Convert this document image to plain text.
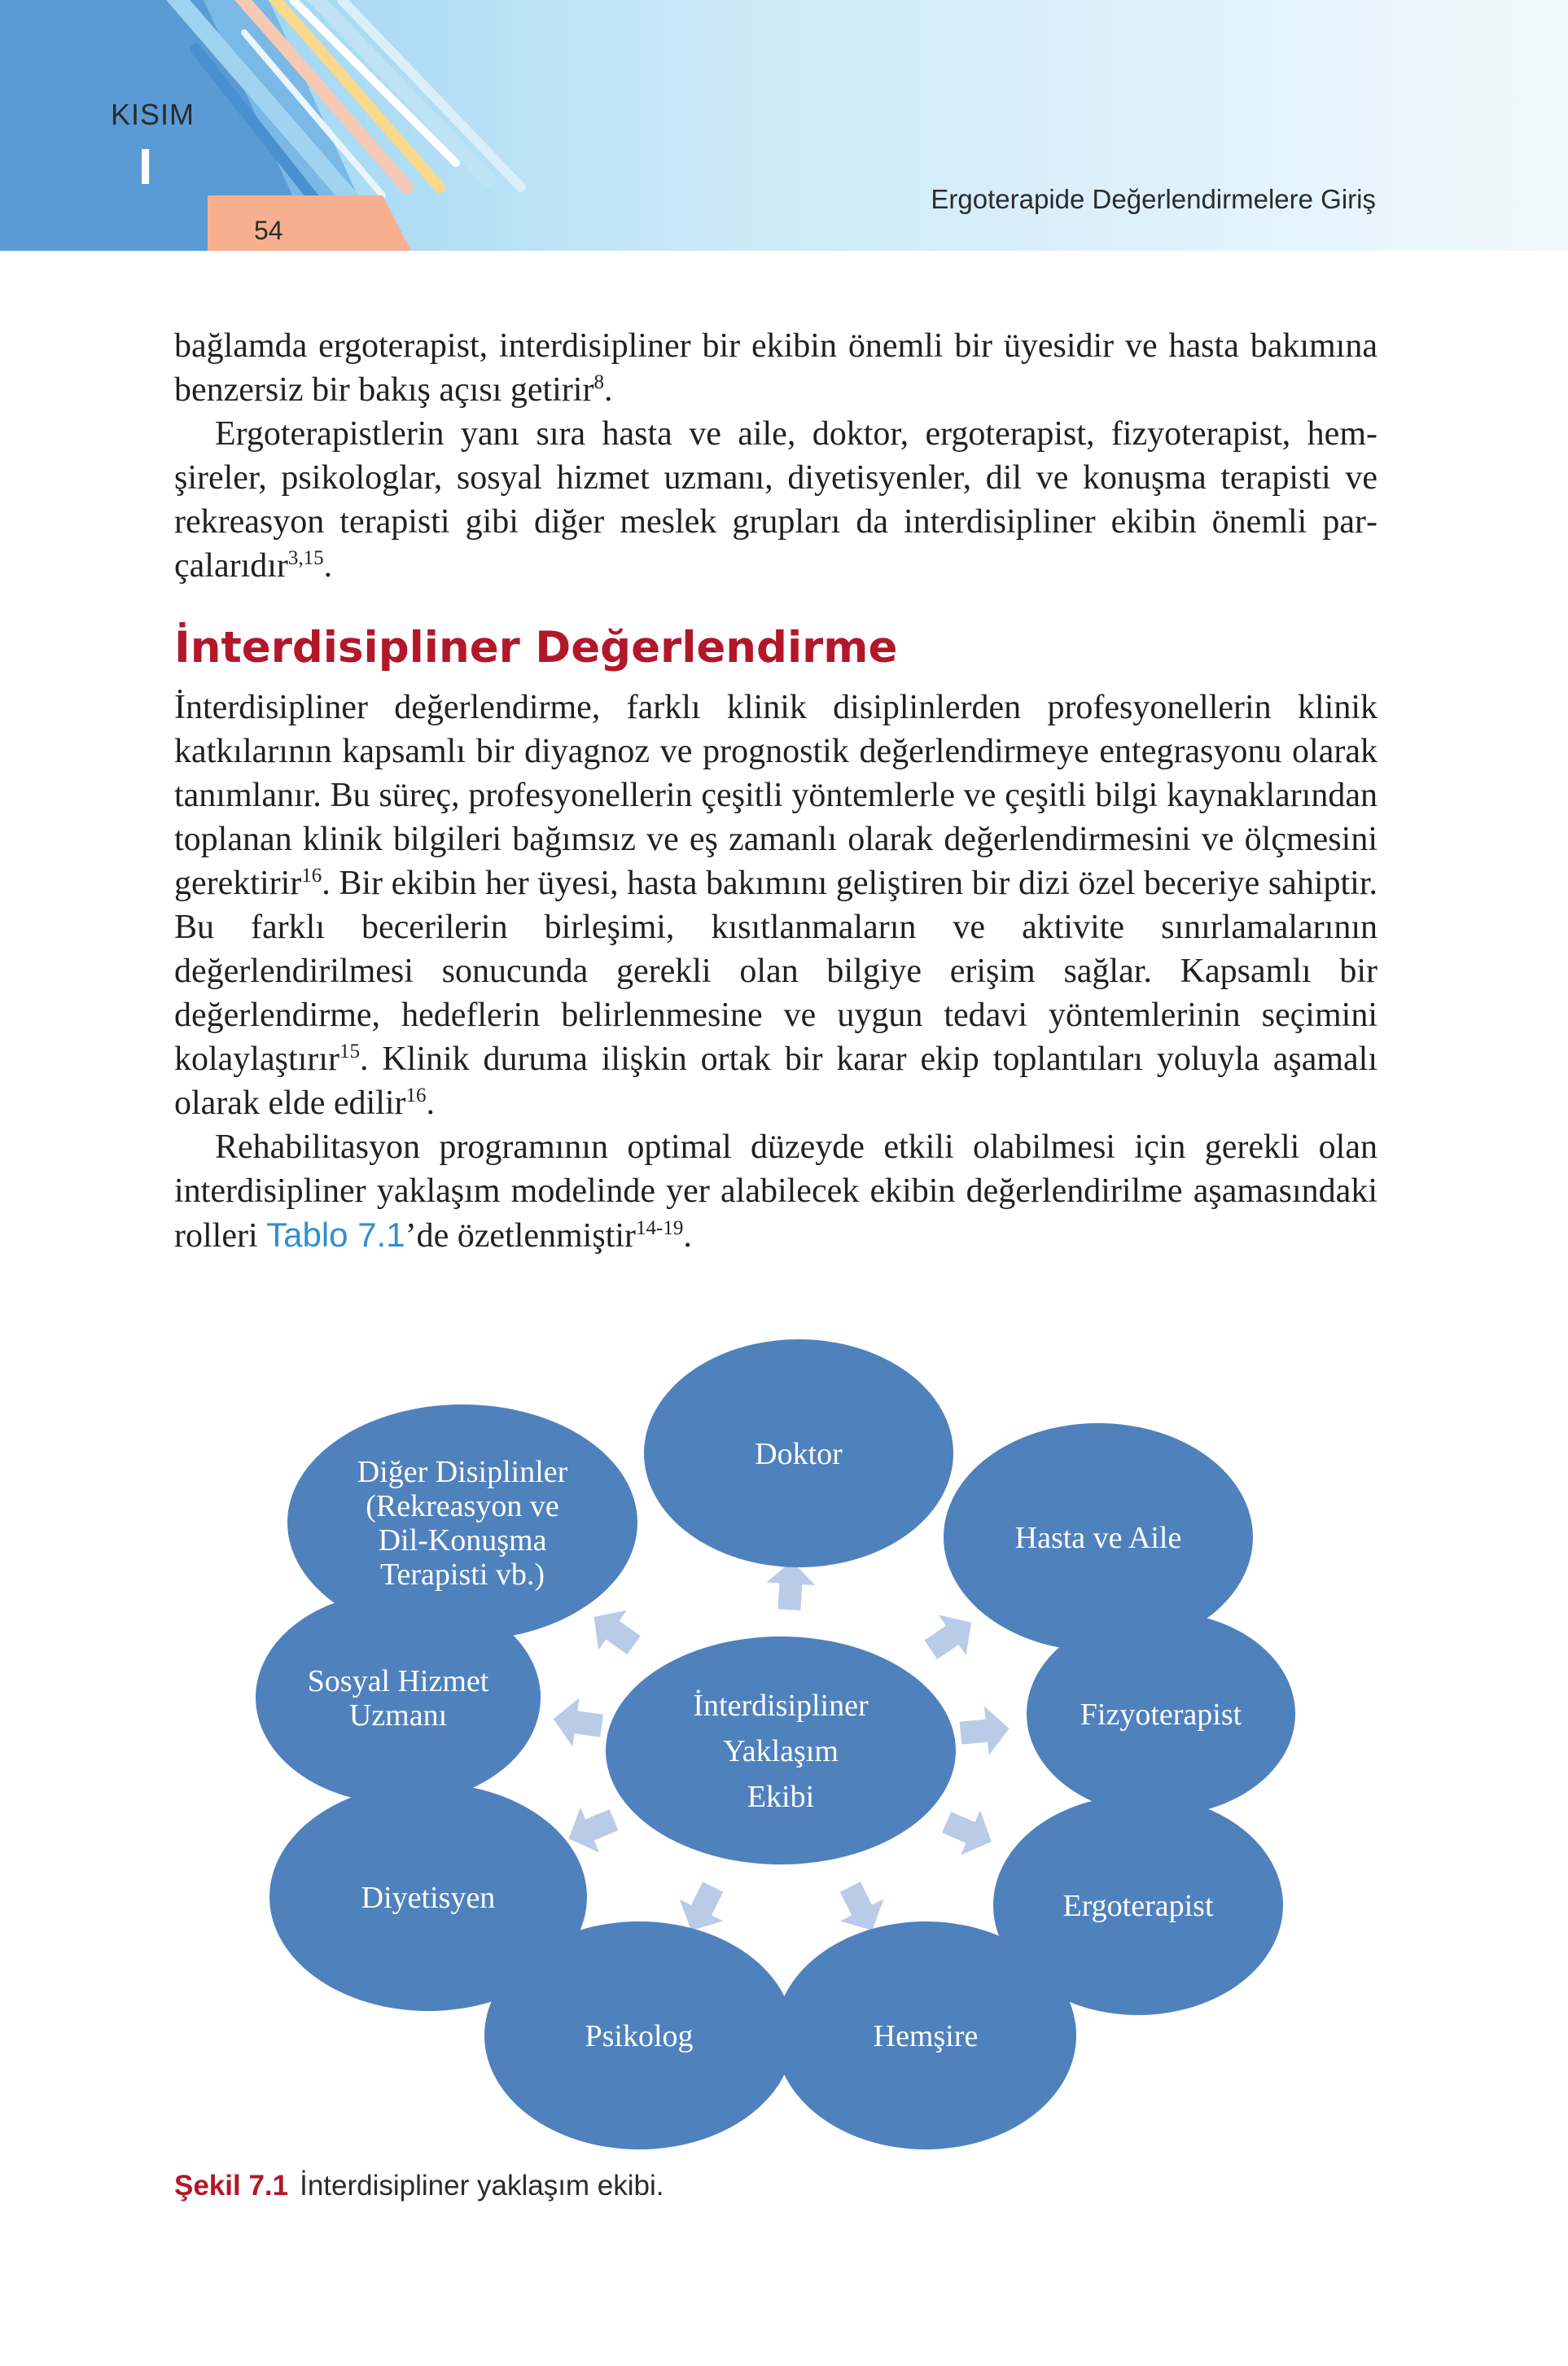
KISIM
I
54
Ergoterapide Değerlendirmelere Giriş

bağlamda ergoterapist, interdisipliner bir ekibin önemli bir üyesidir ve hasta bakımına benzersiz bir bakış açısı getirir$^8$.

Ergoterapistlerin yanı sıra hasta ve aile, doktor, ergoterapist, fizyoterapist, hemşireler, psikologlar, sosyal hizmet uzmanı, diyetisyenler, dil ve konuşma terapisti ve rekreasyon terapisti gibi diğer meslek grupları da interdisipliner ekibin önemli parçalarıdır$^{3,15}$.

İnterdisipliner Değerlendirme

İnterdisipliner değerlendirme, farklı klinik disiplinlerden profesyonellerin klinik katkılarının kapsamlı bir diyagnoz ve prognostik değerlendirmeye entegrasyonu olarak tanımlanır. Bu süreç, profesyonellerin çeşitli yöntemlerle ve çeşitli bilgi kaynaklarından toplanan klinik bilgileri bağımsız ve eş zamanlı olarak değerlendirmesini ve ölçmesini gerektirir$^{16}$. Bir ekibin her üyesi, hasta bakımını geliştiren bir dizi özel beceriye sahiptir. Bu farklı becerilerin birleşimi, kısıtlanmaların ve aktivite sınırlamalarının değerlendirilmesi sonucunda gerekli olan bilgiye erişim sağlar. Kapsamlı bir değerlendirme, hedeflerin belirlenmesine ve uygun tedavi yöntemlerinin seçimini kolaylaştırır$^{15}$. Klinik duruma ilişkin ortak bir karar ekip toplantıları yoluyla aşamalı olarak elde edilir$^{16}$.

Rehabilitasyon programının optimal düzeyde etkili olabilmesi için gerekli olan interdisipliner yaklaşım modelinde yer alabilecek ekibin değerlendirilme aşamasındaki rolleri Tablo 7.1’de özetlenmiştir$^{14-19}$.

İnterdisipliner
Yaklaşım
Ekibi
Diğer Disiplinler
(Rekreasyon ve
Dil-Konuşma
Terapisti vb.)
Doktor
Hasta ve Aile
Sosyal Hizmet
Uzmanı	Fizyoterapist
Diyetisyen	Ergoterapist
Psikolog	Hemşire
Şekil 7.1 İnterdisipliner yaklaşım ekibi.
